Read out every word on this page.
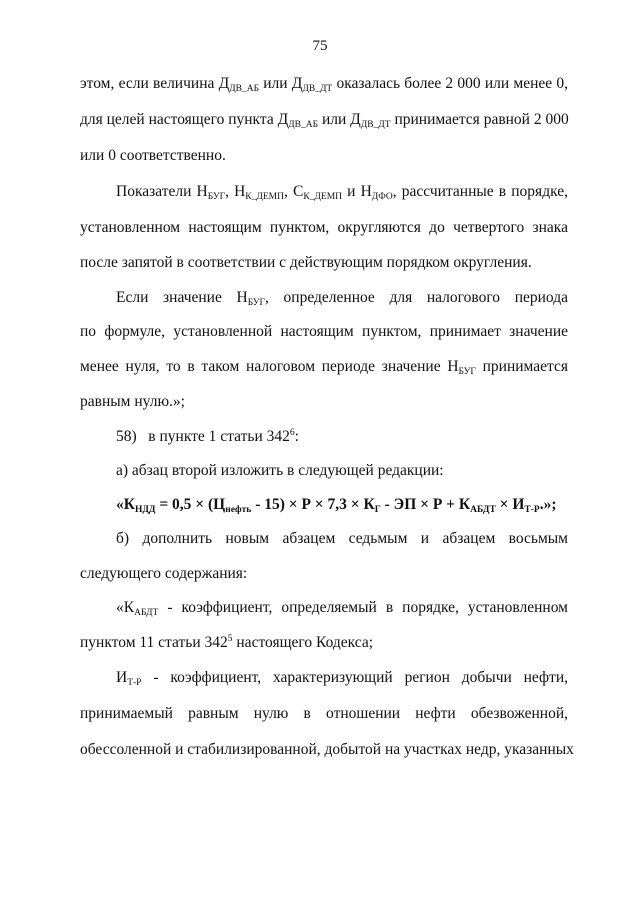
75
этом, если величина $Д_{ДВ\_АБ}$ или $Д_{ДВ\_ДТ}$ оказалась более 2 000 или менее 0,
для целей настоящего пункта $Д_{ДВ\_АБ}$ или $Д_{ДВ\_ДТ}$ принимается равной 2 000
или 0 соответственно.
Показатели $Н_{БУГ}$, $Н_{К\_ДЕМП}$, $С_{К\_ДЕМП}$ и $Н_{ДФО}$, рассчитанные в порядке,
установленном настоящим пунктом, округляются до четвертого знака
после запятой в соответствии с действующим порядком округления.
Если значение $Н_{БУГ}$, определенное для налогового периода
по формуле, установленной настоящим пунктом, принимает значение
менее нуля, то в таком налоговом периоде значение $Н_{БУГ}$ принимается
равным нулю.»;
58)   в пункте 1 статьи $342^6$:
а) абзац второй изложить в следующей редакции:
«$К_{НДД} = 0,5 \times (Ц_{нефть} - 15) \times Р \times 7,3 \times К_Г$ - ЭП × $Р + К_{АБДТ} \times И_{Т-Р}$.»;
б) дополнить новым абзацем седьмым и абзацем восьмым
следующего содержания:
«$К_{АБДТ}$ - коэффициент, определяемый в порядке, установленном
пунктом 11 статьи $342^5$ настоящего Кодекса;
$И_{Т-Р}$ - коэффициент, характеризующий регион добычи нефти,
принимаемый равным нулю в отношении нефти обезвоженной,
обессоленной и стабилизированной, добытой на участках недр, указанных
